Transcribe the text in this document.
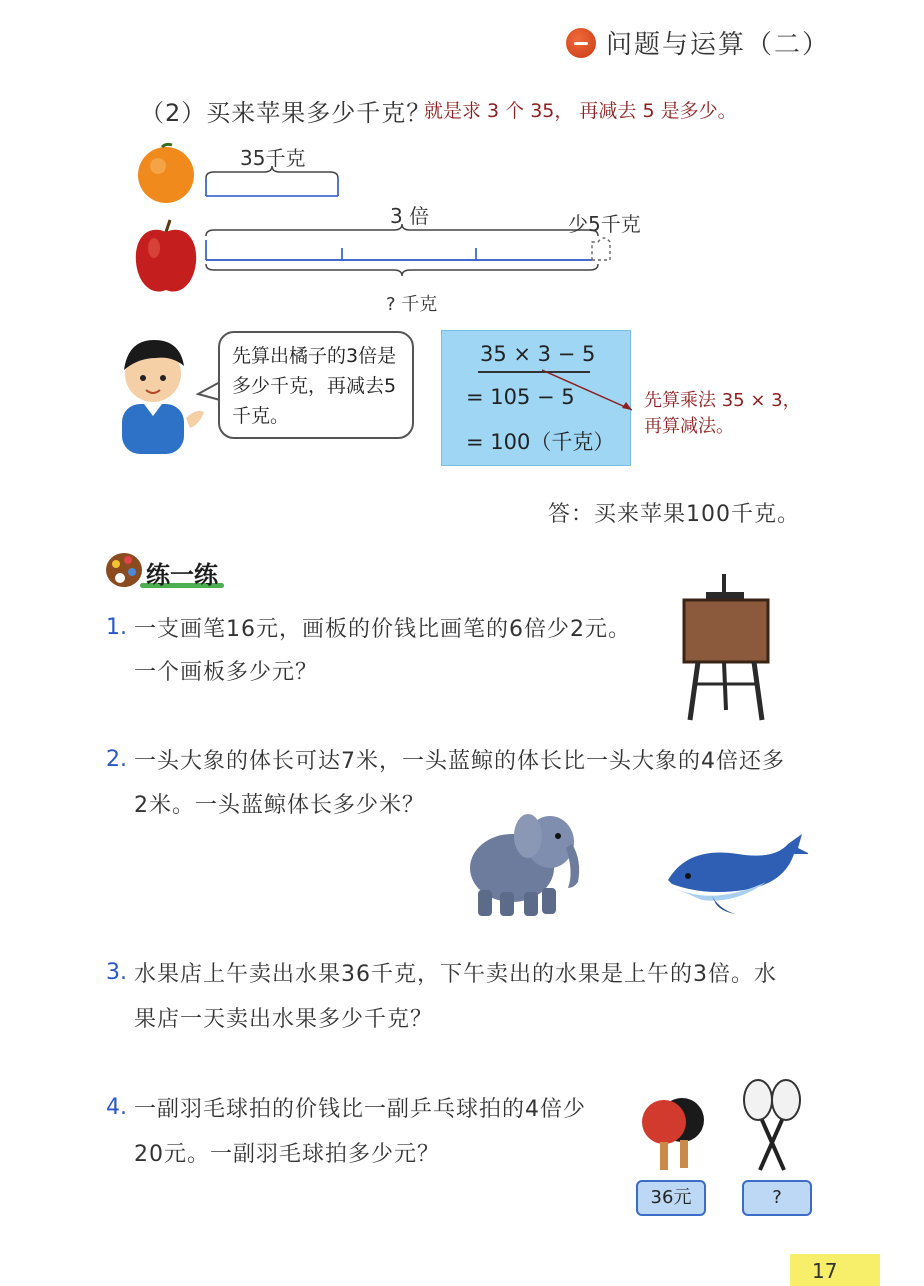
问题与运算（二）
（2）买来苹果多少千克？
就是求 3 个 35， 再减去 5 是多少。
35千克
3 倍	少5千克
? 千克
先算出橘子的3倍是多少千克，再减去5千克。
35 × 3 − 5
= 105 − 5
= 100（千克）
先算乘法 35 × 3，
再算减法。
答：买来苹果100千克。
练一练
1. 一支画笔16元，画板的价钱比画笔的6倍少2元。
一个画板多少元？
2. 一头大象的体长可达7米，一头蓝鲸的体长比一头大象的4倍还多
2米。一头蓝鲸体长多少米？
3. 水果店上午卖出水果36千克，下午卖出的水果是上午的3倍。水
果店一天卖出水果多少千克？
4. 一副羽毛球拍的价钱比一副乒乓球拍的4倍少
20元。一副羽毛球拍多少元？
36元	?
17
